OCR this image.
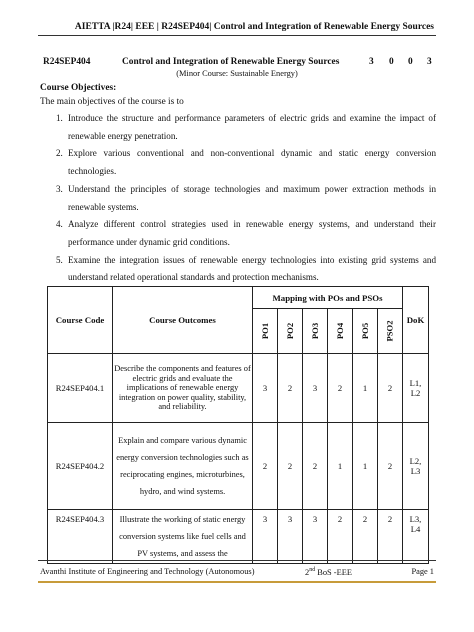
AIETTA |R24| EEE | R24SEP404| Control and Integration of Renewable Energy Sources
R24SEP404	Control and Integration of Renewable Energy Sources	3 0 0 3
(Minor Course: Sustainable Energy)
Course Objectives:
The main objectives of the course is to
1. Introduce the structure and performance parameters of electric grids and examine the impact of renewable energy penetration.
2. Explore various conventional and non-conventional dynamic and static energy conversion technologies.
3. Understand the principles of storage technologies and maximum power extraction methods in renewable systems.
4. Analyze different control strategies used in renewable energy systems, and understand their performance under dynamic grid conditions.
5. Examine the integration issues of renewable energy technologies into existing grid systems and understand related operational standards and protection mechanisms.
Course Code	Course Outcomes	Mapping with POs and PSOs						DoK
		PO1	PO2	PO3	PO4	PO5	PSO2	
R24SEP404.1	Describe the components and features of electric grids and evaluate the implications of renewable energy integration on power quality, stability, and reliability.	3	2	3	2	1	2	L1,
L2
R24SEP404.2	Explain and compare various dynamic energy conversion technologies such as reciprocating engines, microturbines, hydro, and wind systems.	2	2	2	1	1	2	L2,
L3
R24SEP404.3	Illustrate the working of static energy conversion systems like fuel cells and PV systems, and assess the	3	3	3	2	2	2	L3,
L4
Avanthi Institute of Engineering and Technology (Autonomous)	2nd BoS -EEE	Page 1
